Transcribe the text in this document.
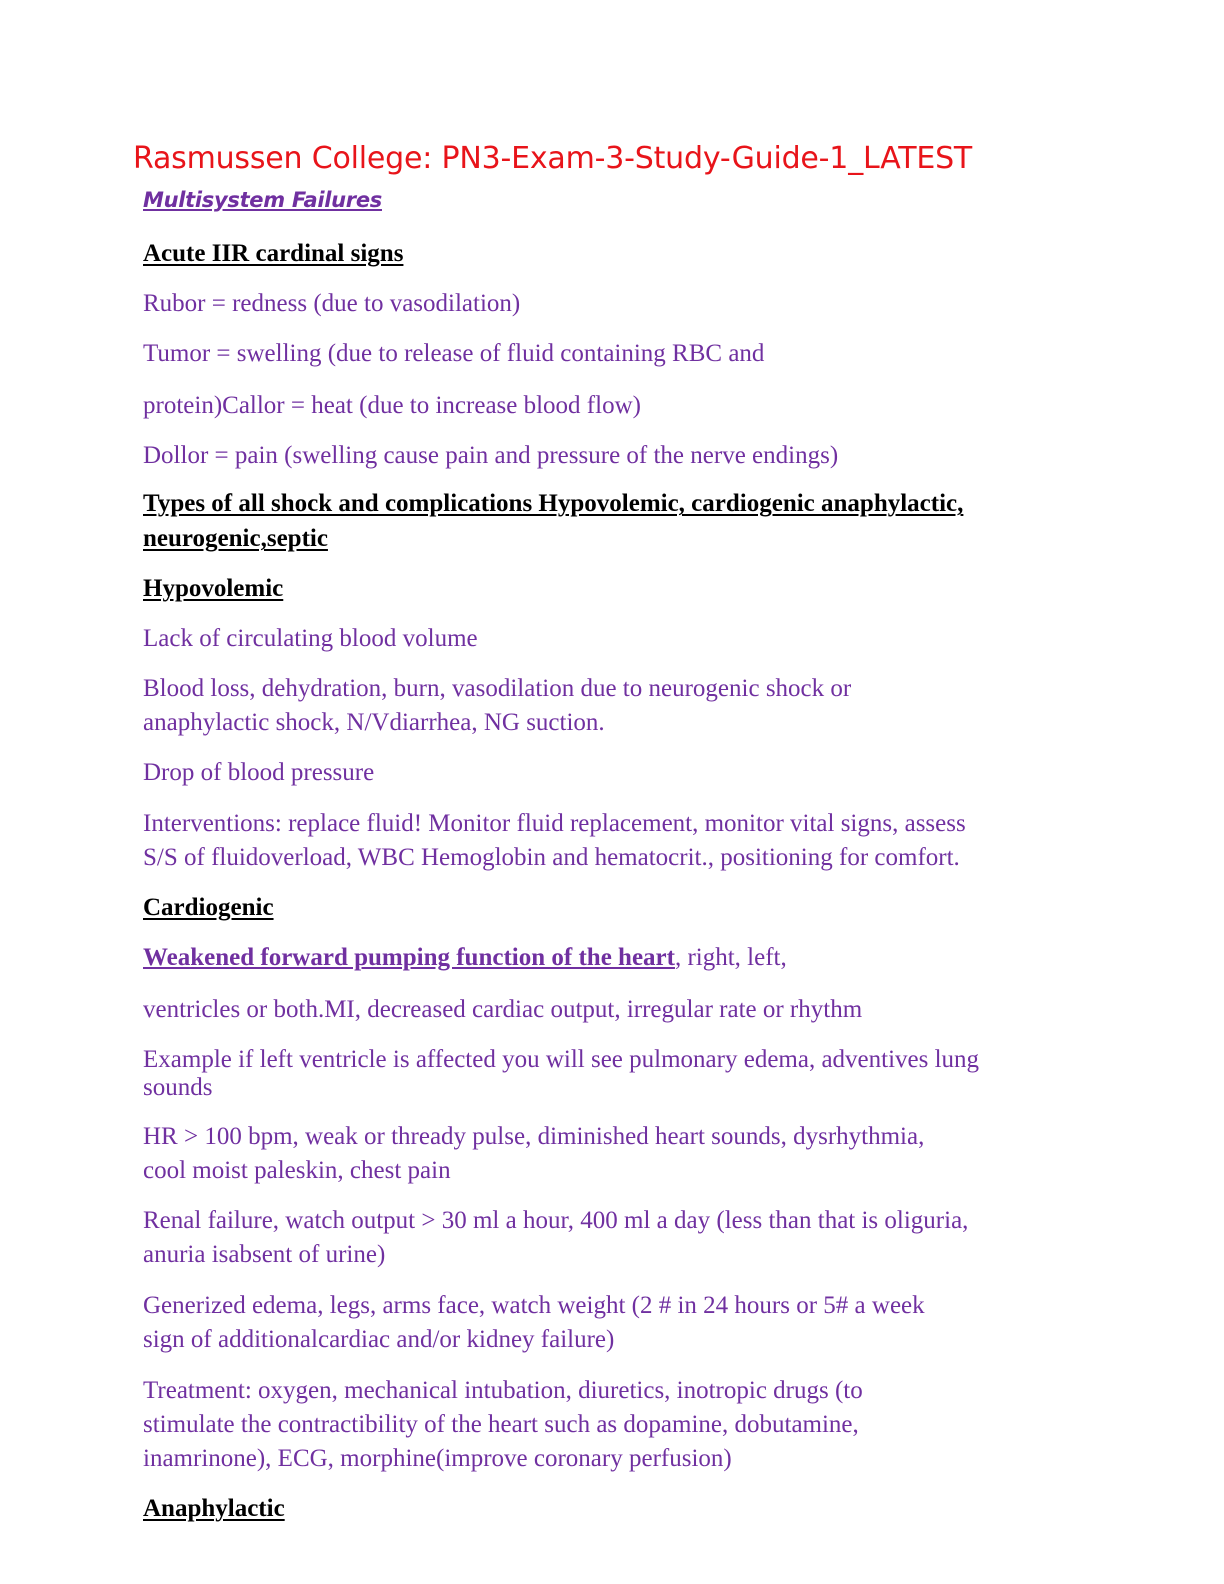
Rasmussen College: PN3-Exam-3-Study-Guide-1_LATEST
Multisystem Failures
Acute IIR cardinal signs
Rubor = redness (due to vasodilation)
Tumor = swelling (due to release of fluid containing RBC and
protein)Callor = heat (due to increase blood flow)
Dollor = pain (swelling cause pain and pressure of the nerve endings)
Types of all shock and complications Hypovolemic, cardiogenic anaphylactic,
neurogenic,septic
Hypovolemic
Lack of circulating blood volume
Blood loss, dehydration, burn, vasodilation due to neurogenic shock or
anaphylactic shock, N/Vdiarrhea, NG suction.
Drop of blood pressure
Interventions: replace fluid! Monitor fluid replacement, monitor vital signs, assess
S/S of fluidoverload, WBC Hemoglobin and hematocrit., positioning for comfort.
Cardiogenic
Weakened forward pumping function of the heart, right, left,
ventricles or both.MI, decreased cardiac output, irregular rate or rhythm
Example if left ventricle is affected you will see pulmonary edema, adventives lung
sounds
HR > 100 bpm, weak or thready pulse, diminished heart sounds, dysrhythmia,
cool moist paleskin, chest pain
Renal failure, watch output > 30 ml a hour, 400 ml a day (less than that is oliguria,
anuria isabsent of urine)
Generized edema, legs, arms face, watch weight (2 # in 24 hours or 5# a week
sign of additionalcardiac and/or kidney failure)
Treatment: oxygen, mechanical intubation, diuretics, inotropic drugs (to
stimulate the contractibility of the heart such as dopamine, dobutamine,
inamrinone), ECG, morphine(improve coronary perfusion)
Anaphylactic
